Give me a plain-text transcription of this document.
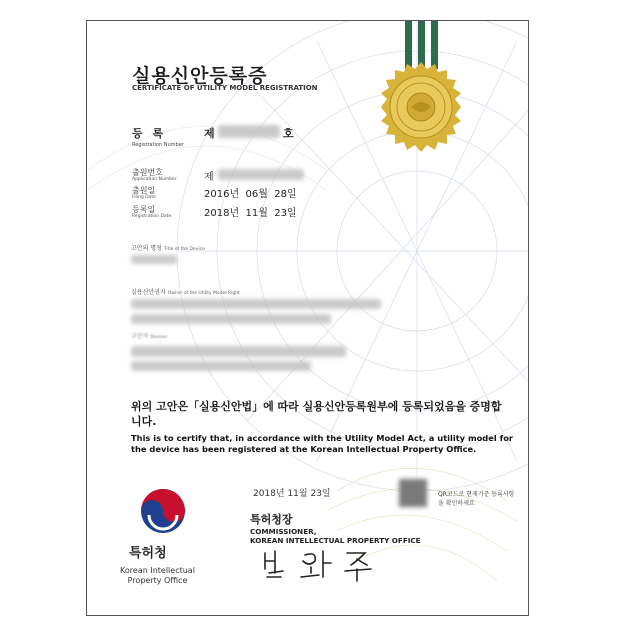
실용신안등록증
CERTIFICATE OF UTILITY MODEL REGISTRATION
등 록
Registration Number
제	호
출원번호
Application Number	제
출원일
Filing Date	2016년  06월  28일
등록일
Registration Date	2018년  11월  23일
고안의 명칭 Title of the Device
실용신안권자 Owner of the Utility Model Right
고안자 Deviser
위의 고안은「실용신안법」에 따라 실용신안등록원부에 등록되었음을 증명합니다.
This is to certify that, in accordance with the Utility Model Act, a utility model for the device has been registered at the Korean Intellectual Property Office.
2018년 11월 23일	QR코드로 현재기준 등록사항을 확인하세요
특허청장
COMMISSIONER,
KOREAN INTELLECTUAL PROPERTY OFFICE
특허청
Korean Intellectual Property Office
